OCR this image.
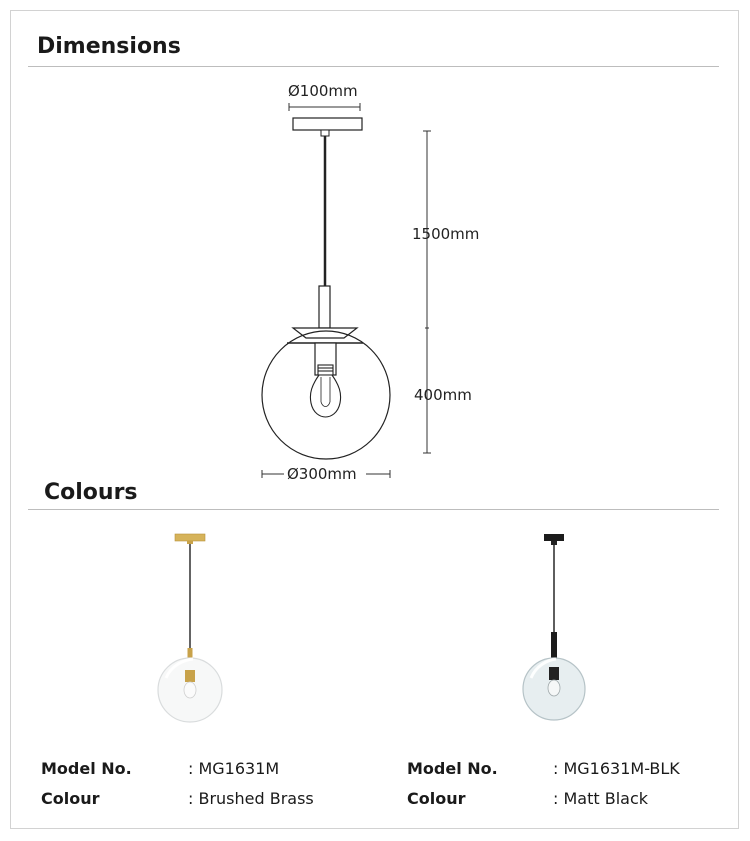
Dimensions
Ø100mm
1500mm
400mm
Ø300mm
Colours
Model No.	: MG1631M
Colour	: Brushed Brass
Model No.	: MG1631M-BLK
Colour	: Matt Black
